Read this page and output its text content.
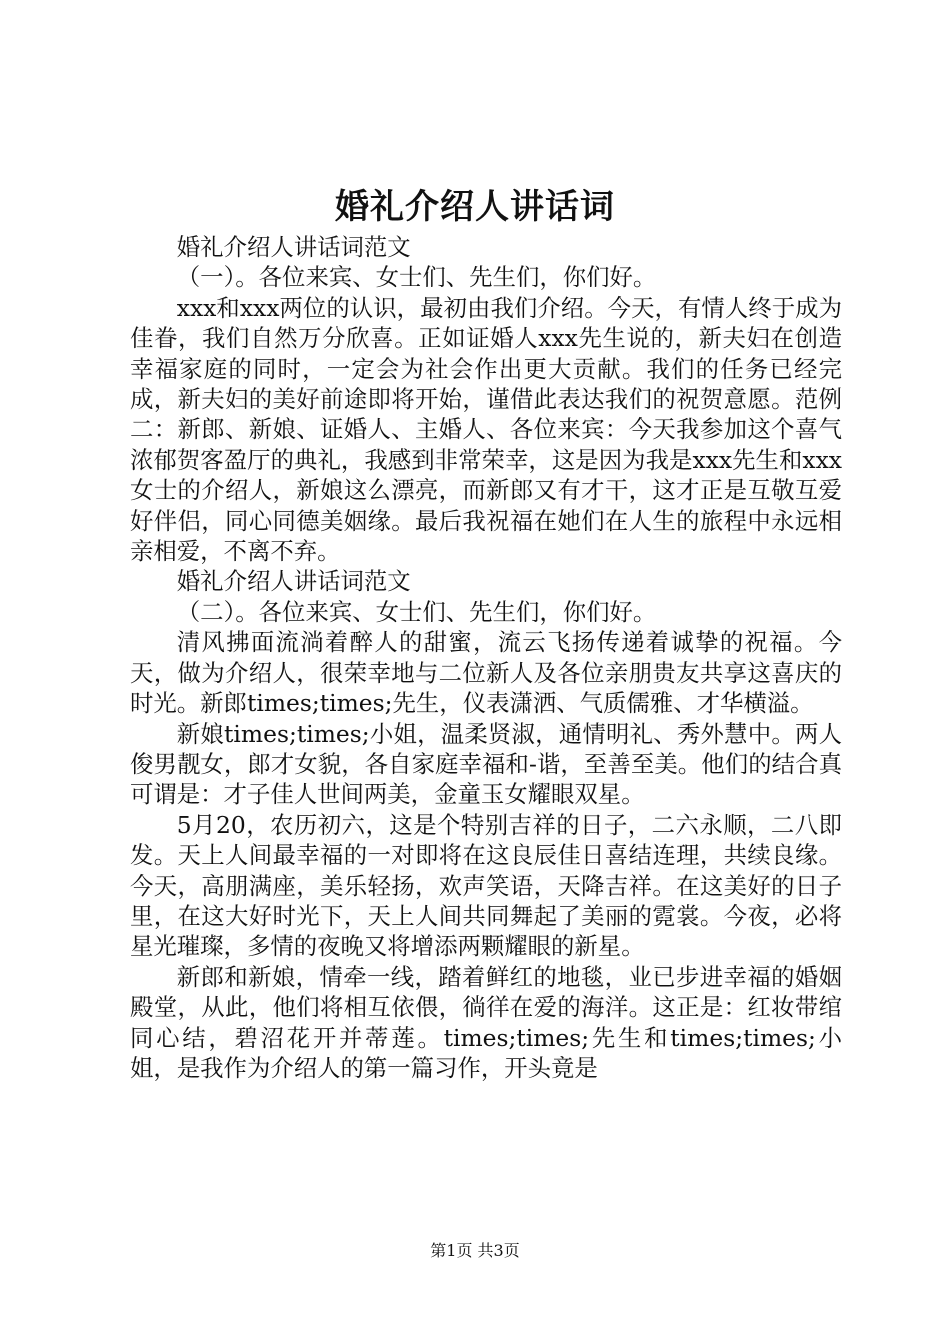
婚礼介绍人讲话词

婚礼介绍人讲话词范文

（一）。各位来宾、女士们、先生们，你们好。

xxx和xxx两位的认识，最初由我们介绍。今天，有情人终于成为佳眷，我们自然万分欣喜。正如证婚人xxx先生说的，新夫妇在创造幸福家庭的同时，一定会为社会作出更大贡献。我们的任务已经完成，新夫妇的美好前途即将开始，谨借此表达我们的祝贺意愿。范例二：新郎、新娘、证婚人、主婚人、各位来宾：今天我参加这个喜气浓郁贺客盈厅的典礼，我感到非常荣幸，这是因为我是xxx先生和xxx女士的介绍人，新娘这么漂亮，而新郎又有才干，这才正是互敬互爱好伴侣，同心同德美姻缘。最后我祝福在她们在人生的旅程中永远相亲相爱，不离不弃。

婚礼介绍人讲话词范文

（二）。各位来宾、女士们、先生们，你们好。

清风拂面流淌着醉人的甜蜜，流云飞扬传递着诚挚的祝福。今天，做为介绍人，很荣幸地与二位新人及各位亲朋贵友共享这喜庆的时光。新郎times;times;先生，仪表潇洒、气质儒雅、才华横溢。

新娘times;times;小姐，温柔贤淑，通情明礼、秀外慧中。两人俊男靓女，郎才女貌，各自家庭幸福和-谐，至善至美。他们的结合真可谓是：才子佳人世间两美，金童玉女耀眼双星。

5月20，农历初六，这是个特别吉祥的日子，二六永顺，二八即发。天上人间最幸福的一对即将在这良辰佳日喜结连理，共续良缘。今天，高朋满座，美乐轻扬，欢声笑语，天降吉祥。在这美好的日子里，在这大好时光下，天上人间共同舞起了美丽的霓裳。今夜，必将星光璀璨，多情的夜晚又将增添两颗耀眼的新星。

新郎和新娘，情牵一线，踏着鲜红的地毯，业已步进幸福的婚姻殿堂，从此，他们将相互依偎，徜徉在爱的海洋。这正是：红妆带绾同心结，碧沼花开并蒂莲。times;times;先生和times;times;小姐，是我作为介绍人的第一篇习作，开头竟是

第1页 共3页
